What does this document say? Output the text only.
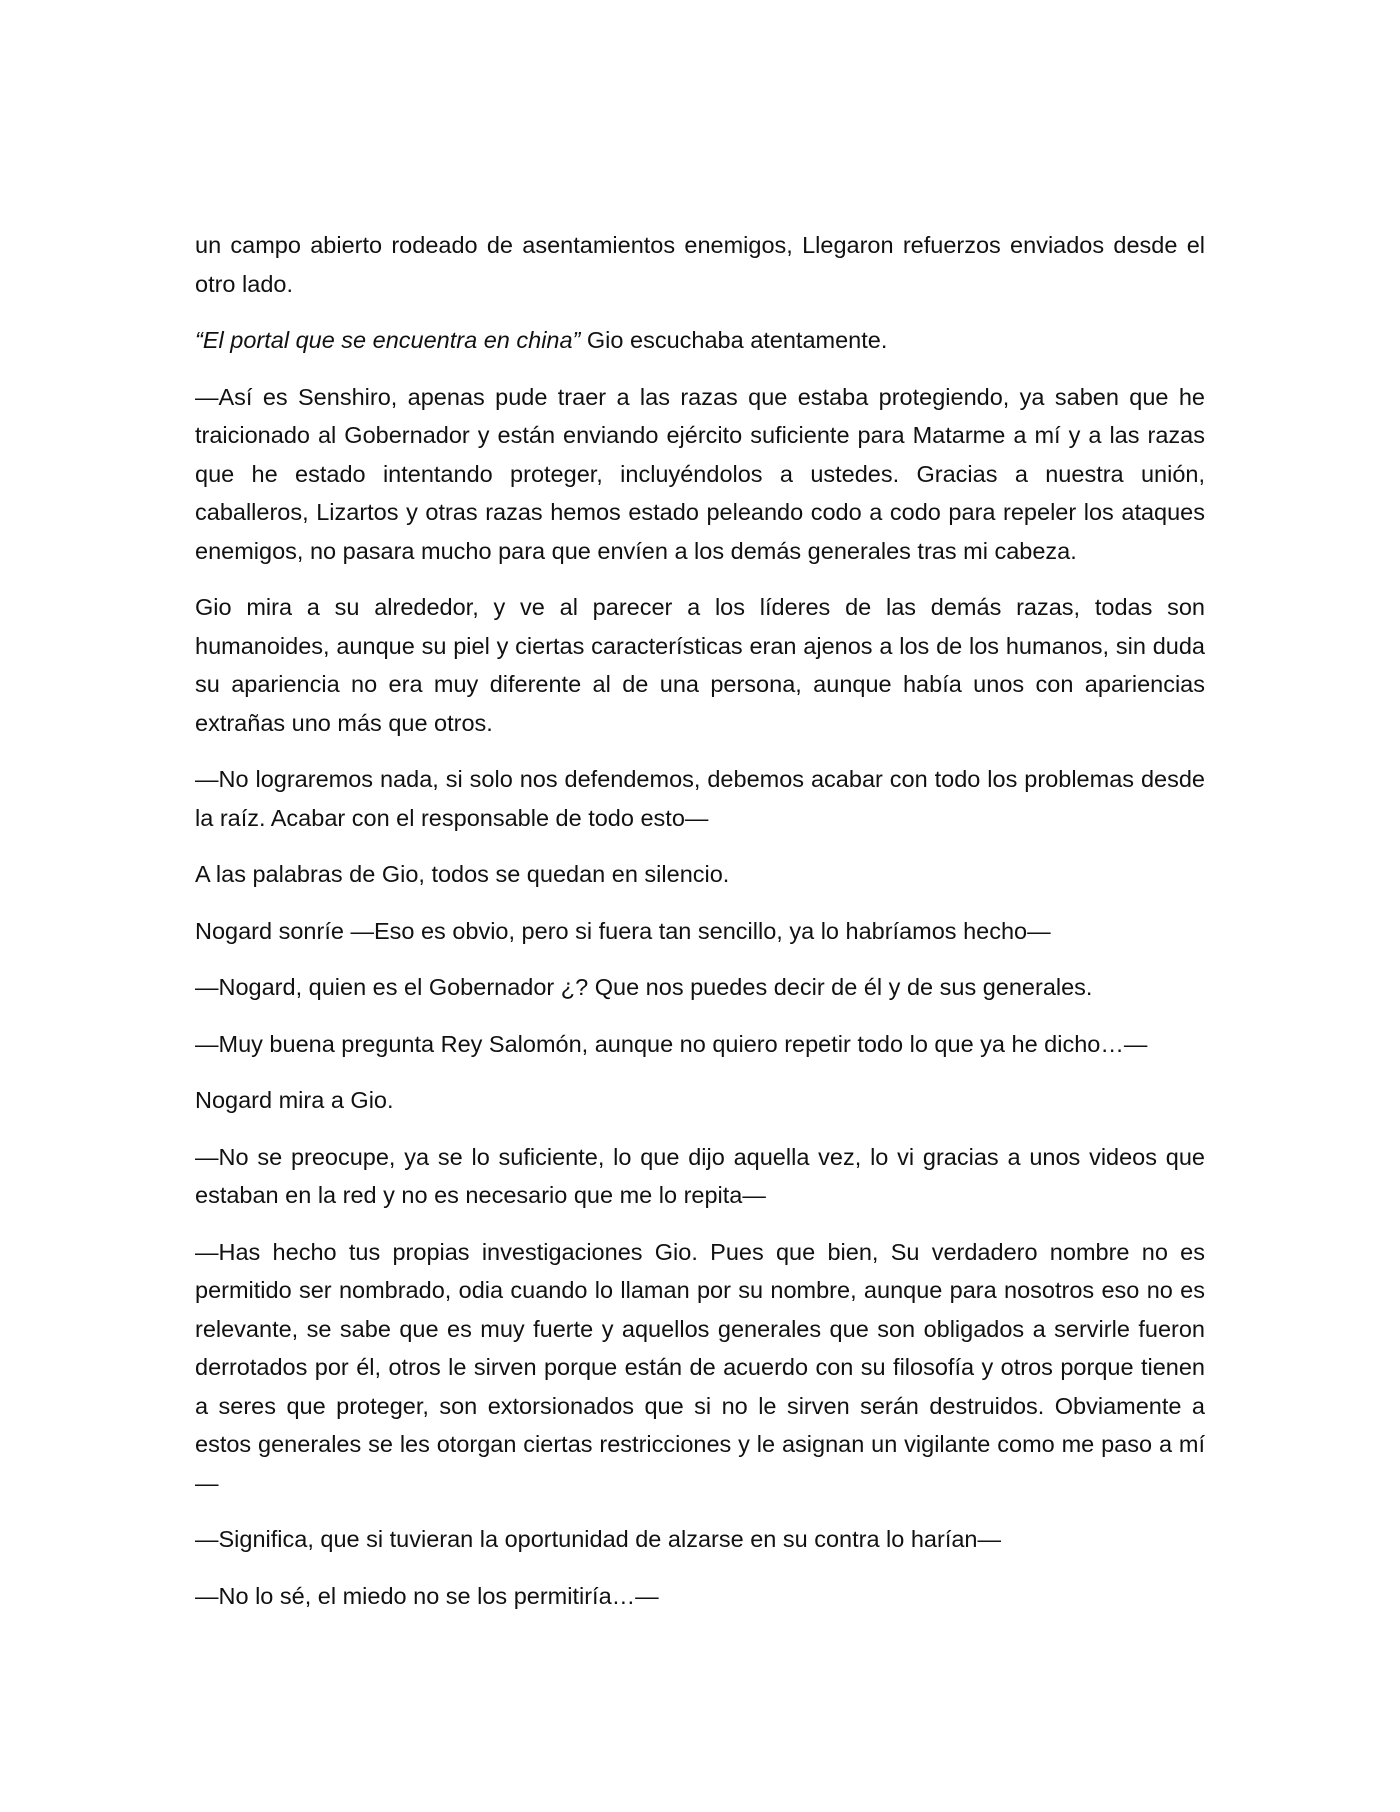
un campo abierto rodeado de asentamientos enemigos, Llegaron refuerzos enviados desde el otro lado.

“El portal que se encuentra en china” Gio escuchaba atentamente.

—Así es Senshiro, apenas pude traer a las razas que estaba protegiendo, ya saben que he traicionado al Gobernador y están enviando ejército suficiente para Matarme a mí y a las razas que he estado intentando proteger, incluyéndolos a ustedes. Gracias a nuestra unión, caballeros, Lizartos y otras razas hemos estado peleando codo a codo para repeler los ataques enemigos, no pasara mucho para que envíen a los demás generales tras mi cabeza.

Gio mira a su alrededor, y ve al parecer a los líderes de las demás razas, todas son humanoides, aunque su piel y ciertas características eran ajenos a los de los humanos, sin duda su apariencia no era muy diferente al de una persona, aunque había unos con apariencias extrañas uno más que otros.

—No lograremos nada, si solo nos defendemos, debemos acabar con todo los problemas desde la raíz. Acabar con el responsable de todo esto—

A las palabras de Gio, todos se quedan en silencio.

Nogard sonríe —Eso es obvio, pero si fuera tan sencillo, ya lo habríamos hecho—

—Nogard, quien es el Gobernador ¿? Que nos puedes decir de él y de sus generales.

—Muy buena pregunta Rey Salomón, aunque no quiero repetir todo lo que ya he dicho…—

Nogard mira a Gio.

—No se preocupe, ya se lo suficiente, lo que dijo aquella vez, lo vi gracias a unos videos que estaban en la red y no es necesario que me lo repita—

—Has hecho tus propias investigaciones Gio. Pues que bien, Su verdadero nombre no es permitido ser nombrado, odia cuando lo llaman por su nombre, aunque para nosotros eso no es relevante, se sabe que es muy fuerte y aquellos generales que son obligados a servirle fueron derrotados por él, otros le sirven porque están de acuerdo con su filosofía y otros porque tienen a seres que proteger, son extorsionados que si no le sirven serán destruidos. Obviamente a estos generales se les otorgan ciertas restricciones y le asignan un vigilante como me paso a mí—

—Significa, que si tuvieran la oportunidad de alzarse en su contra lo harían—

—No lo sé, el miedo no se los permitiría…—
